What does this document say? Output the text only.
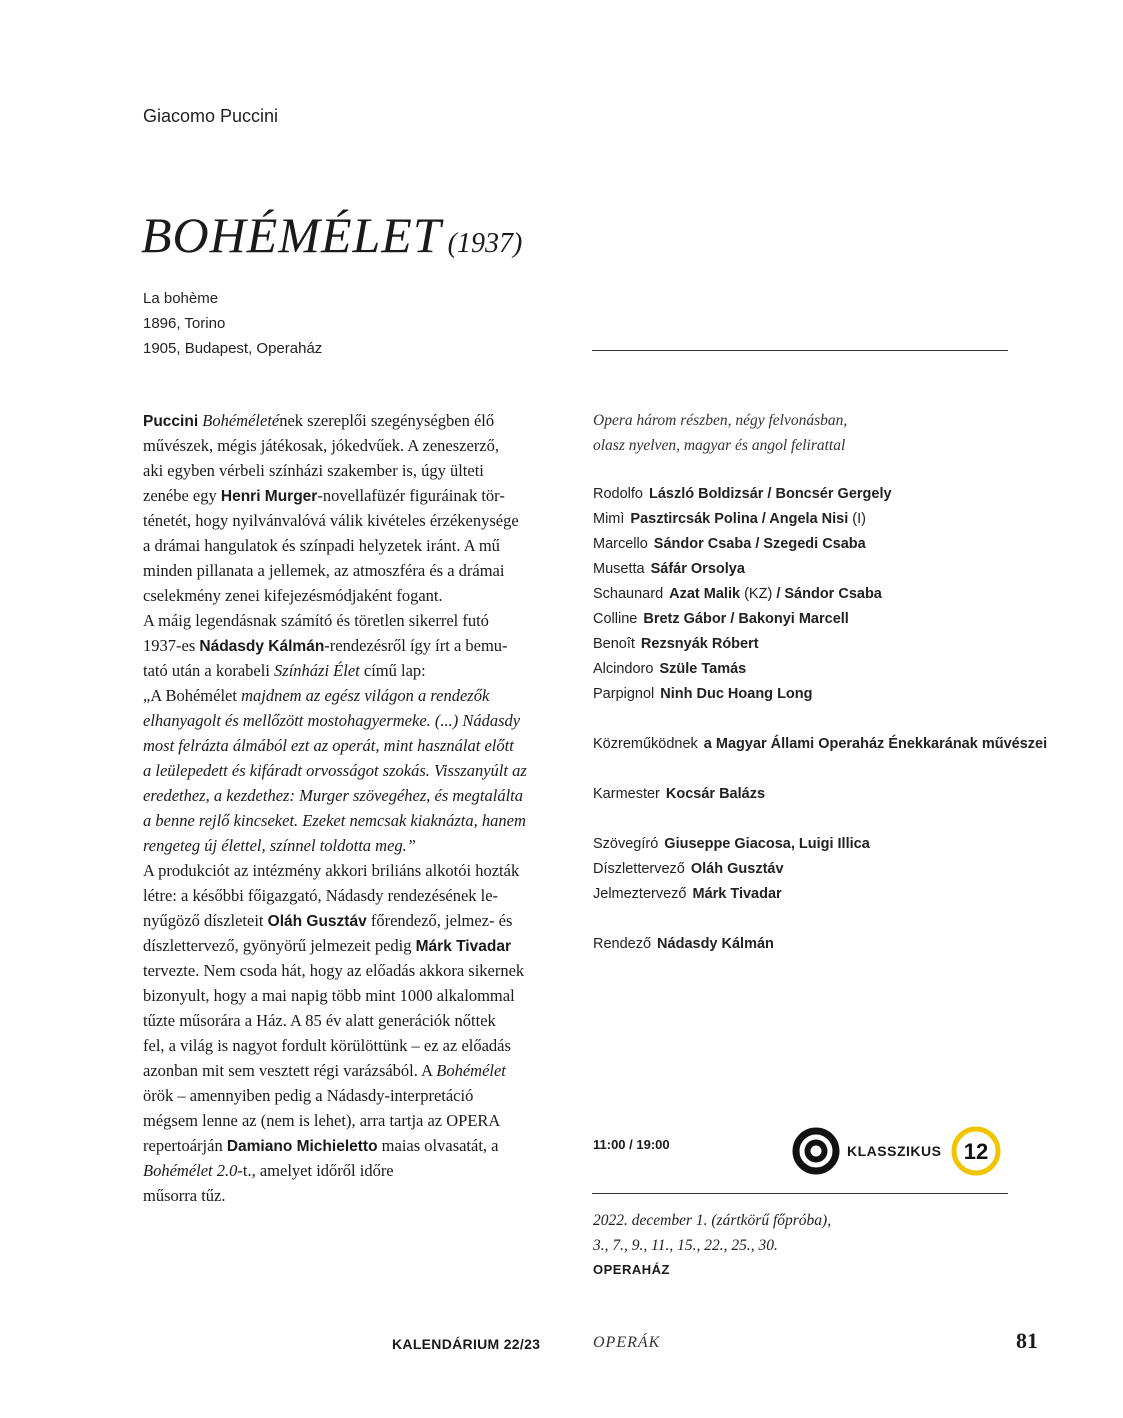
Giacomo Puccini
BOHÉMÉLET (1937)
La bohème
1896, Torino
1905, Budapest, Operaház
Puccini Bohéméletének szereplői szegénységben élő
művészek, mégis játékosak, jókedvűek. A zeneszerző,
aki egyben vérbeli színházi szakember is, úgy ülteti
zenébe egy Henri Murger-novellafüzér figuráinak tör-
ténetét, hogy nyilvánvalóvá válik kivételes érzékenysége
a drámai hangulatok és színpadi helyzetek iránt. A mű
minden pillanata a jellemek, az atmoszféra és a drámai
cselekmény zenei kifejezésmódjaként fogant.
A máig legendásnak számító és töretlen sikerrel futó
1937-es Nádasdy Kálmán-rendezésről így írt a bemu-
tató után a korabeli Színházi Élet című lap:
„A Bohémélet majdnem az egész világon a rendezők
elhanyagolt és mellőzött mostohagyermeke. (...) Nádasdy
most felrázta álmából ezt az operát, mint használat előtt
a leülepedett és kifáradt orvosságot szokás. Visszanyúlt az
eredethez, a kezdethez: Murger szövegéhez, és megtalálta
a benne rejlő kincseket. Ezeket nemcsak kiaknázta, hanem
rengeteg új élettel, színnel toldotta meg.”
A produkciót az intézmény akkori briliáns alkotói hozták
létre: a későbbi főigazgató, Nádasdy rendezésének le-
nyűgöző díszleteit Oláh Gusztáv főrendező, jelmez- és
díszlettervező, gyönyörű jelmezeit pedig Márk Tivadar
tervezte. Nem csoda hát, hogy az előadás akkora sikernek
bizonyult, hogy a mai napig több mint 1000 alkalommal
tűzte műsorára a Ház. A 85 év alatt generációk nőttek
fel, a világ is nagyot fordult körülöttünk – ez az előadás
azonban mit sem vesztett régi varázsából. A Bohémélet
örök – amennyiben pedig a Nádasdy-interpretáció
mégsem lenne az (nem is lehet), arra tartja az OPERA
repertoárján Damiano Michieletto maias olvasatát, a
Bohémélet 2.0-t., amelyet időről időre
műsorra tűz.
Opera három részben, négy felvonásban,
olasz nyelven, magyar és angol felirattal
Rodolfo László Boldizsár / Boncsér Gergely
Mimì Pasztircsák Polina / Angela Nisi (I)
Marcello Sándor Csaba / Szegedi Csaba
Musetta Sáfár Orsolya
Schaunard Azat Malik (KZ) / Sándor Csaba
Colline Bretz Gábor / Bakonyi Marcell
Benoît Rezsnyák Róbert
Alcindoro Szüle Tamás
Parpignol Ninh Duc Hoang Long
Közreműködnek a Magyar Állami Operaház Énekkarának művészei
Karmester Kocsár Balázs
Szövegíró Giuseppe Giacosa, Luigi Illica
Díszlettervező Oláh Gusztáv
Jelmeztervező Márk Tivadar
Rendező Nádasdy Kálmán
11:00 / 19:00	KLASSZIKUS 12
2022. december 1. (zártkörű főpróba),
3., 7., 9., 11., 15., 22., 25., 30.
OPERAHÁZ
KALENDÁRIUM 22/23	OPERÁK	81
